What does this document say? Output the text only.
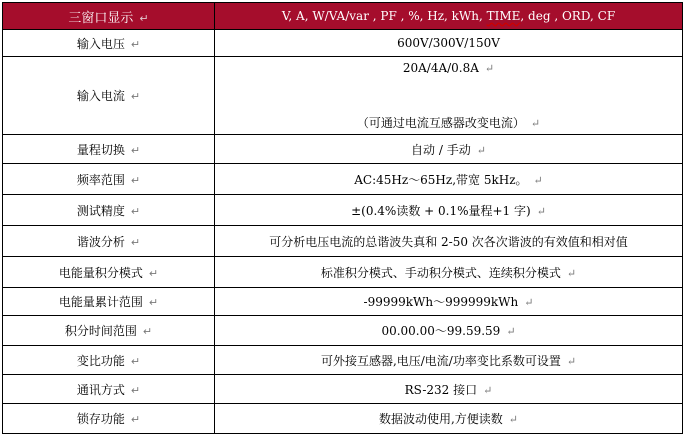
三窗口显示 ↵	V, A, W/VA/var , PF , %, Hz, kWh, TIME, deg , ORD, CF
输入电压 ↵	600V/300V/150V
输入电流 ↵	20A/4A/0.8A ↵
（可通过电流互感器改变电流） ↵

量程切换 ↵	自动 / 手动 ↵
频率范围 ↵	AC:45Hz～65Hz,带宽 5kHz。 ↵
测试精度 ↵	±(0.4%读数 + 0.1%量程+1 字) ↵
谐波分析 ↵	可分析电压电流的总谐波失真和 2-50 次各次谐波的有效值和相对值
电能量积分模式 ↵	标准积分模式、手动积分模式、连续积分模式 ↵
电能量累计范围 ↵	-99999kWh～999999kWh ↵
积分时间范围 ↵	00.00.00～99.59.59 ↵
变比功能 ↵	可外接互感器,电压/电流/功率变比系数可设置 ↵
通讯方式 ↵	RS-232 接口 ↵
锁存功能 ↵	数据波动使用,方便读数 ↵
